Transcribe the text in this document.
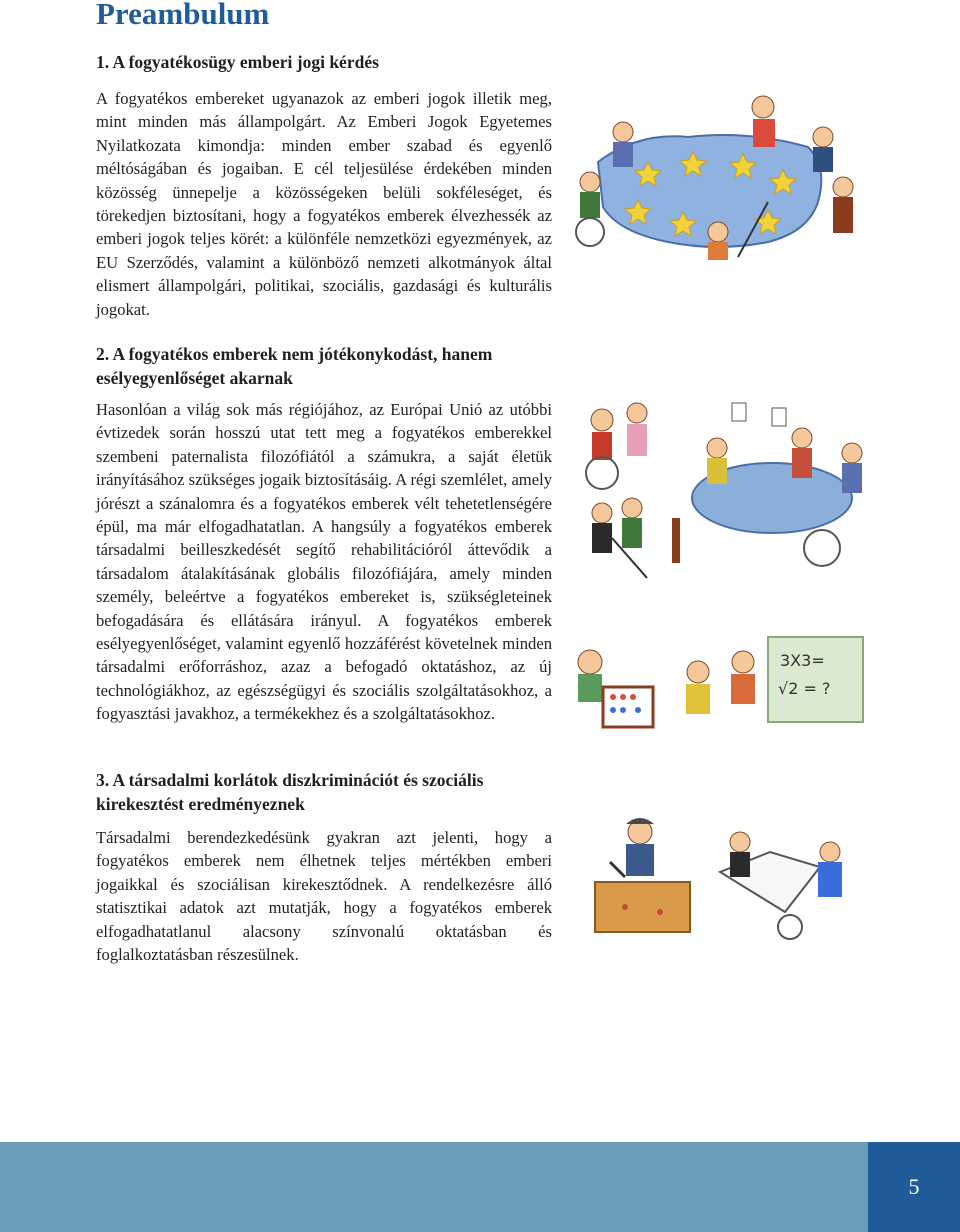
Preambulum
1. A fogyatékosügy emberi jogi kérdés

A fogyatékos embereket ugyanazok az emberi jogok illetik meg, mint minden más állampolgárt. Az Emberi Jogok Egyetemes Nyilatkozata kimondja: minden ember szabad és egyenlő méltóságában és jogaiban. E cél teljesülése érdekében minden közösség ünnepelje a közösségeken belüli sokféleséget, és törekedjen biztosítani, hogy a fogyatékos emberek élvezhessék az emberi jogok teljes körét: a különféle nemzetközi egyezmények, az EU Szerződés, valamint a különböző nemzeti alkotmányok által elismert állampolgári, politikai, szociális, gazdasági és kulturális jogokat.

2. A fogyatékos emberek nem jótékonykodást, hanem esélyegyenlőséget akarnak

Hasonlóan a világ sok más régiójához, az Európai Unió az utóbbi évtizedek során hosszú utat tett meg a fogyatékos emberekkel szembeni paternalista filozófiától a számukra, a saját életük irányításához szükséges jogaik biztosításáig. A régi szemlélet, amely jórészt a szánalomra és a fogyatékos emberek vélt tehetetlenségére épül, ma már elfogadhatatlan. A hangsúly a fogyatékos emberek társadalmi beilleszkedését segítő rehabilitációról áttevődik a társadalom átalakításának globális filozófiájára, amely minden személy, beleértve a fogyatékos embereket is, szükségleteinek befogadására és ellátására irányul. A fogyatékos emberek esélyegyenlőséget, valamint egyenlő hozzáférést követelnek minden társadalmi erőforráshoz, azaz a befogadó oktatáshoz, az új technológiákhoz, az egészségügyi és szociális szolgáltatásokhoz, a fogyasztási javakhoz, a termékekhez és a szolgáltatásokhoz.

3. A társadalmi korlátok diszkriminációt és szociális kirekesztést eredményeznek

Társadalmi berendezkedésünk gyakran azt jelenti, hogy a fogyatékos emberek nem élhetnek teljes mértékben emberi jogaikkal és szociálisan kirekesztődnek. A rendelkezésre álló statisztikai adatok azt mutatják, hogy a fogyatékos emberek elfogadhatatlanul alacsony színvonalú oktatásban és foglalkoztatásban részesülnek.

3X3=
√2 = ?
5
